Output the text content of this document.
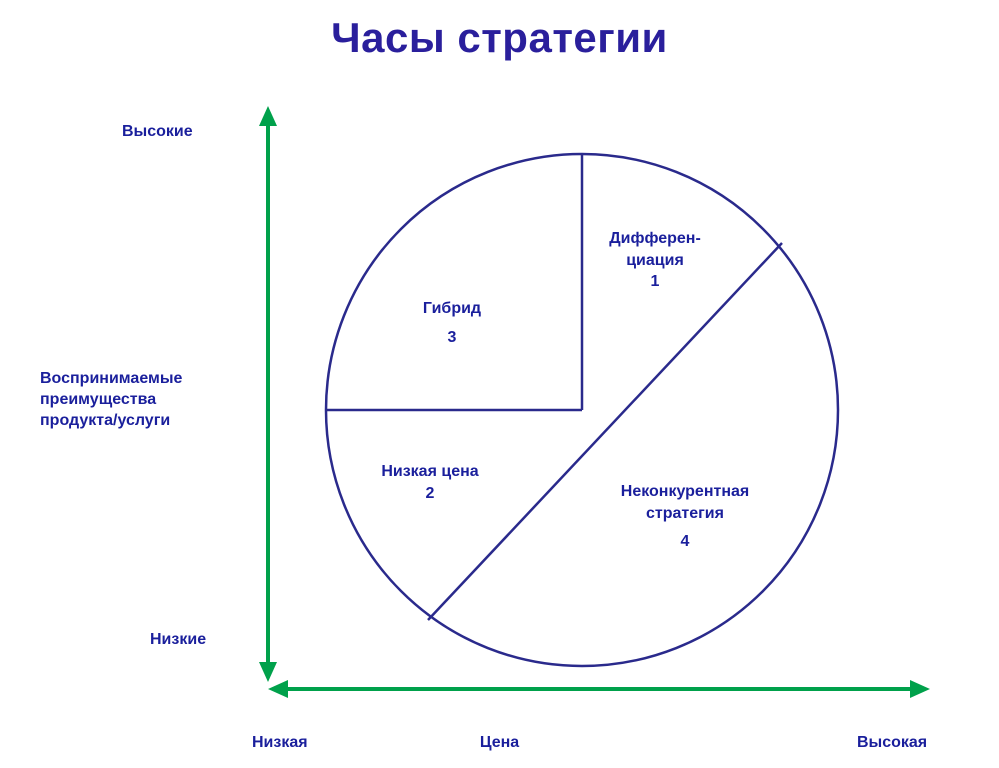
Часы стратегии
Высокие
Низкие
Воспринимаемые
преимущества
продукта/услуги
Низкая	Цена	Высокая
Дифферен-
циация
1
Низкая цена
2
Гибрид
3
Неконкурентная
стратегия
4
